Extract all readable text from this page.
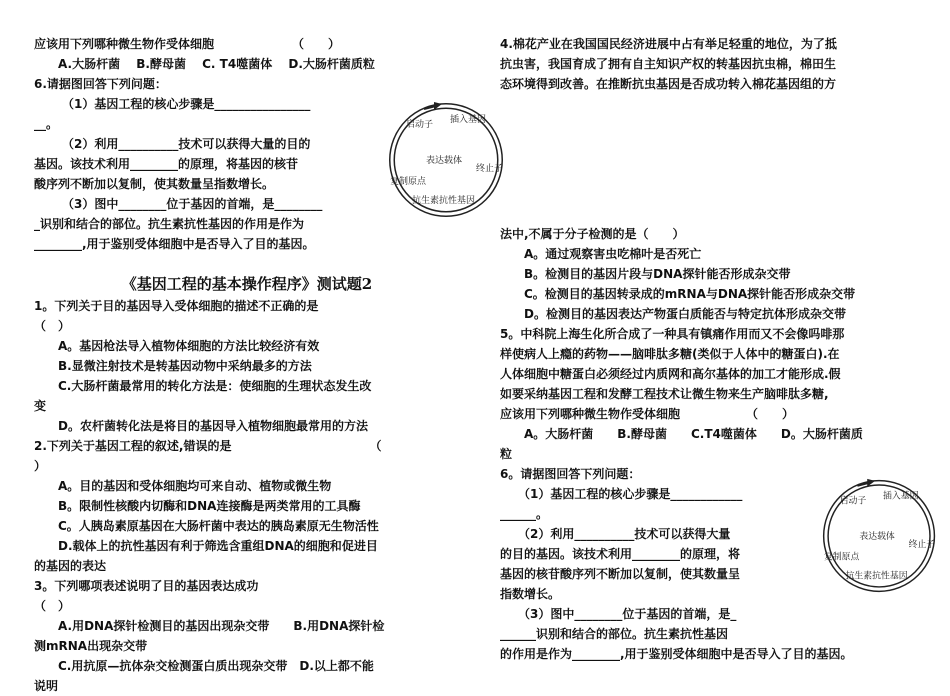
应该用下列哪种微生物作受体细胞　　　　　　　（　　）

　　A.大肠杆菌　 B.酵母菌　 C. T4噬菌体　 D.大肠杆菌质粒

6.请据图回答下列问题：

（1）基因工程的核心步骤是________________

__。

（2）利用__________技术可以获得大量的目的

基因。该技术利用________的原理，将基因的核苷

酸序列不断加以复制，使其数量呈指数增长。

（3）图中________位于基因的首端，是________

_识别和结合的部位。抗生素抗性基因的作用是作为

________,用于鉴别受体细胞中是否导入了目的基因。

《基因工程的基本操作程序》测试题2

1。下列关于目的基因导入受体细胞的描述不正确的是

（　）

　　A。基因枪法导入植物体细胞的方法比较经济有效

　　B.显微注射技术是转基因动物中采纳最多的方法

　　C.大肠杆菌最常用的转化方法是：使细胞的生理状态发生改

变

　　D。农杆菌转化法是将目的基因导入植物细胞最常用的方法

2.下列关于基因工程的叙述,错误的是　　　　　　　　　　　　（

）

　　A。目的基因和受体细胞均可来自动、植物或微生物

　　B。限制性核酸内切酶和DNA连接酶是两类常用的工具酶

　　C。人胰岛素原基因在大肠杆菌中表达的胰岛素原无生物活性

　　D.载体上的抗性基因有利于筛选含重组DNA的细胞和促进目

的基因的表达

3。下列哪项表述说明了目的基因表达成功

（　）

　　A.用DNA探针检测目的基因出现杂交带　　B.用DNA探针检

测mRNA出现杂交带

　　C.用抗原—抗体杂交检测蛋白质出现杂交带　D.以上都不能

说明

启动子 插入基因
表达载体
终止子
复制原点
抗生素抗性基因

4.棉花产业在我国国民经济进展中占有举足轻重的地位，为了抵

抗虫害，我国育成了拥有自主知识产权的转基因抗虫棉，棉田生

态环境得到改善。在推断抗虫基因是否成功转入棉花基因组的方

法中,不属于分子检测的是（　　）

　　A。通过观察害虫吃棉叶是否死亡

　　B。检测目的基因片段与DNA探针能否形成杂交带

　　C。检测目的基因转录成的mRNA与DNA探针能否形成杂交带

　　D。检测目的基因表达产物蛋白质能否与特定抗体形成杂交带

5。中科院上海生化所合成了一种具有镇痛作用而又不会像吗啡那

样使病人上瘾的药物——脑啡肽多糖(类似于人体中的糖蛋白).在

人体细胞中糖蛋白必须经过内质网和高尔基体的加工才能形成.假

如要采纳基因工程和发酵工程技术让微生物来生产脑啡肽多糖,

应该用下列哪种微生物作受体细胞　　　　　　（　　）

　　A。大肠杆菌　　B.酵母菌　　C.T4噬菌体　　D。大肠杆菌质

粒

6。请据图回答下列问题：

　　（1）基因工程的核心步骤是____________

______。

　　（2）利用__________技术可以获得大量

的目的基因。该技术利用________的原理，将

基因的核苷酸序列不断加以复制，使其数量呈

指数增长。

　　（3）图中________位于基因的首端，是_

______识别和结合的部位。抗生素抗性基因

的作用是作为________,用于鉴别受体细胞中是否导入了目的基因。

启动子 插入基因
表达载体
终止子
复制原点
抗生素抗性基因
